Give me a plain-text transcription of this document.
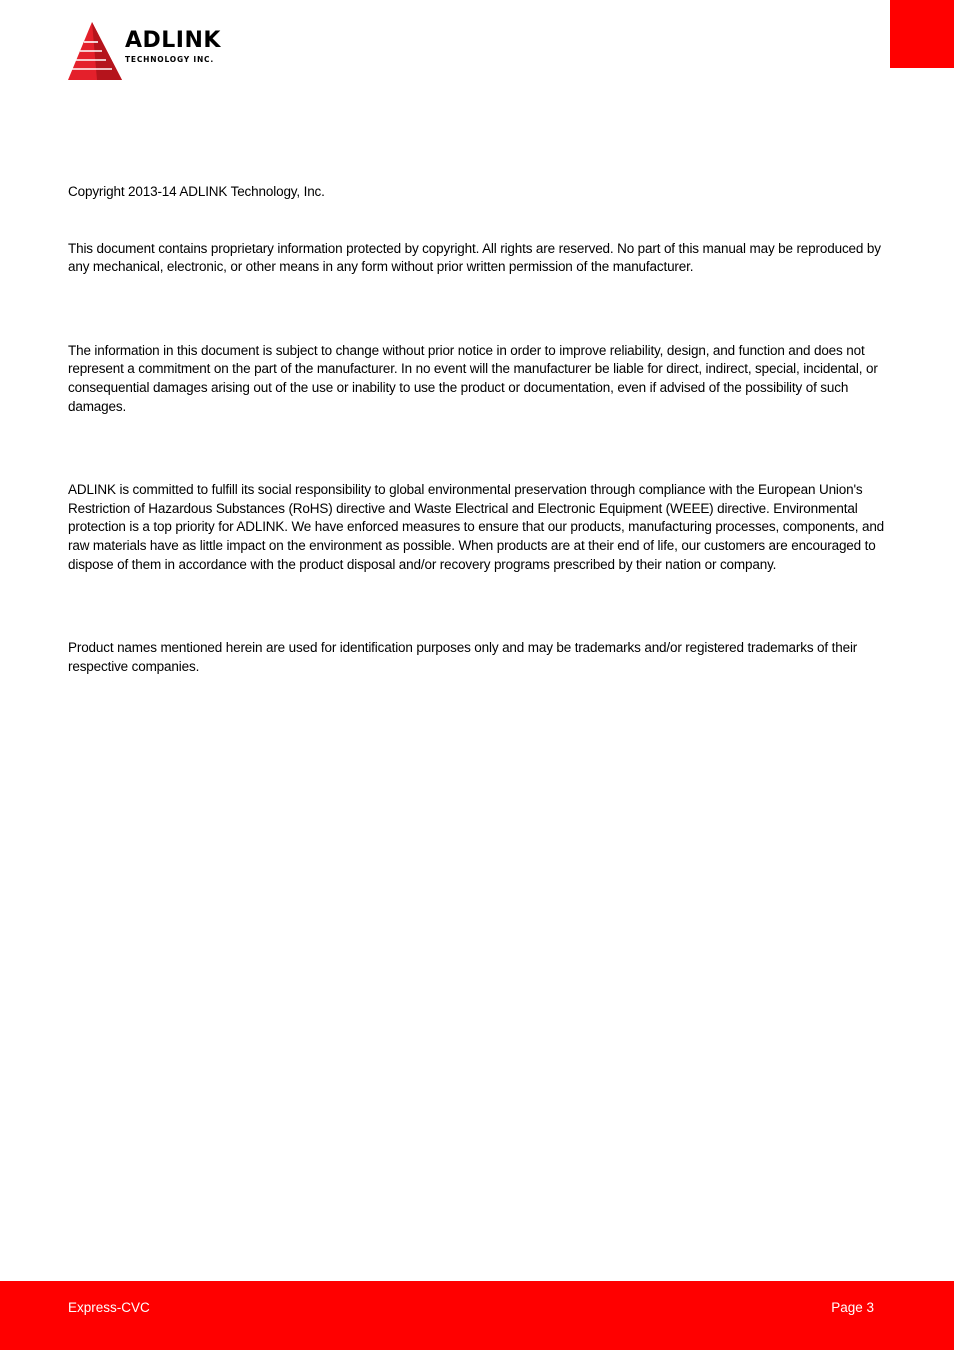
ADLINK
TECHNOLOGY INC.

Copyright 2013-14 ADLINK Technology, Inc.

This document contains proprietary information protected by copyright. All rights are reserved. No part of this manual may be reproduced by any mechanical, electronic, or other means in any form without prior written permission of the manufacturer.

The information in this document is subject to change without prior notice in order to improve reliability, design, and function and does not represent a commitment on the part of the manufacturer. In no event will the manufacturer be liable for direct, indirect, special, incidental, or consequential damages arising out of the use or inability to use the product or documentation, even if advised of the possibility of such damages.

ADLINK is committed to fulfill its social responsibility to global environmental preservation through compliance with the European Union's Restriction of Hazardous Substances (RoHS) directive and Waste Electrical and Electronic Equipment (WEEE) directive. Environmental protection is a top priority for ADLINK. We have enforced measures to ensure that our products, manufacturing processes, components, and raw materials have as little impact on the environment as possible. When products are at their end of life, our customers are encouraged to dispose of them in accordance with the product disposal and/or recovery programs prescribed by their nation or company.

Product names mentioned herein are used for identification purposes only and may be trademarks and/or registered trademarks of their respective companies.

Express-CVC	Page 3
